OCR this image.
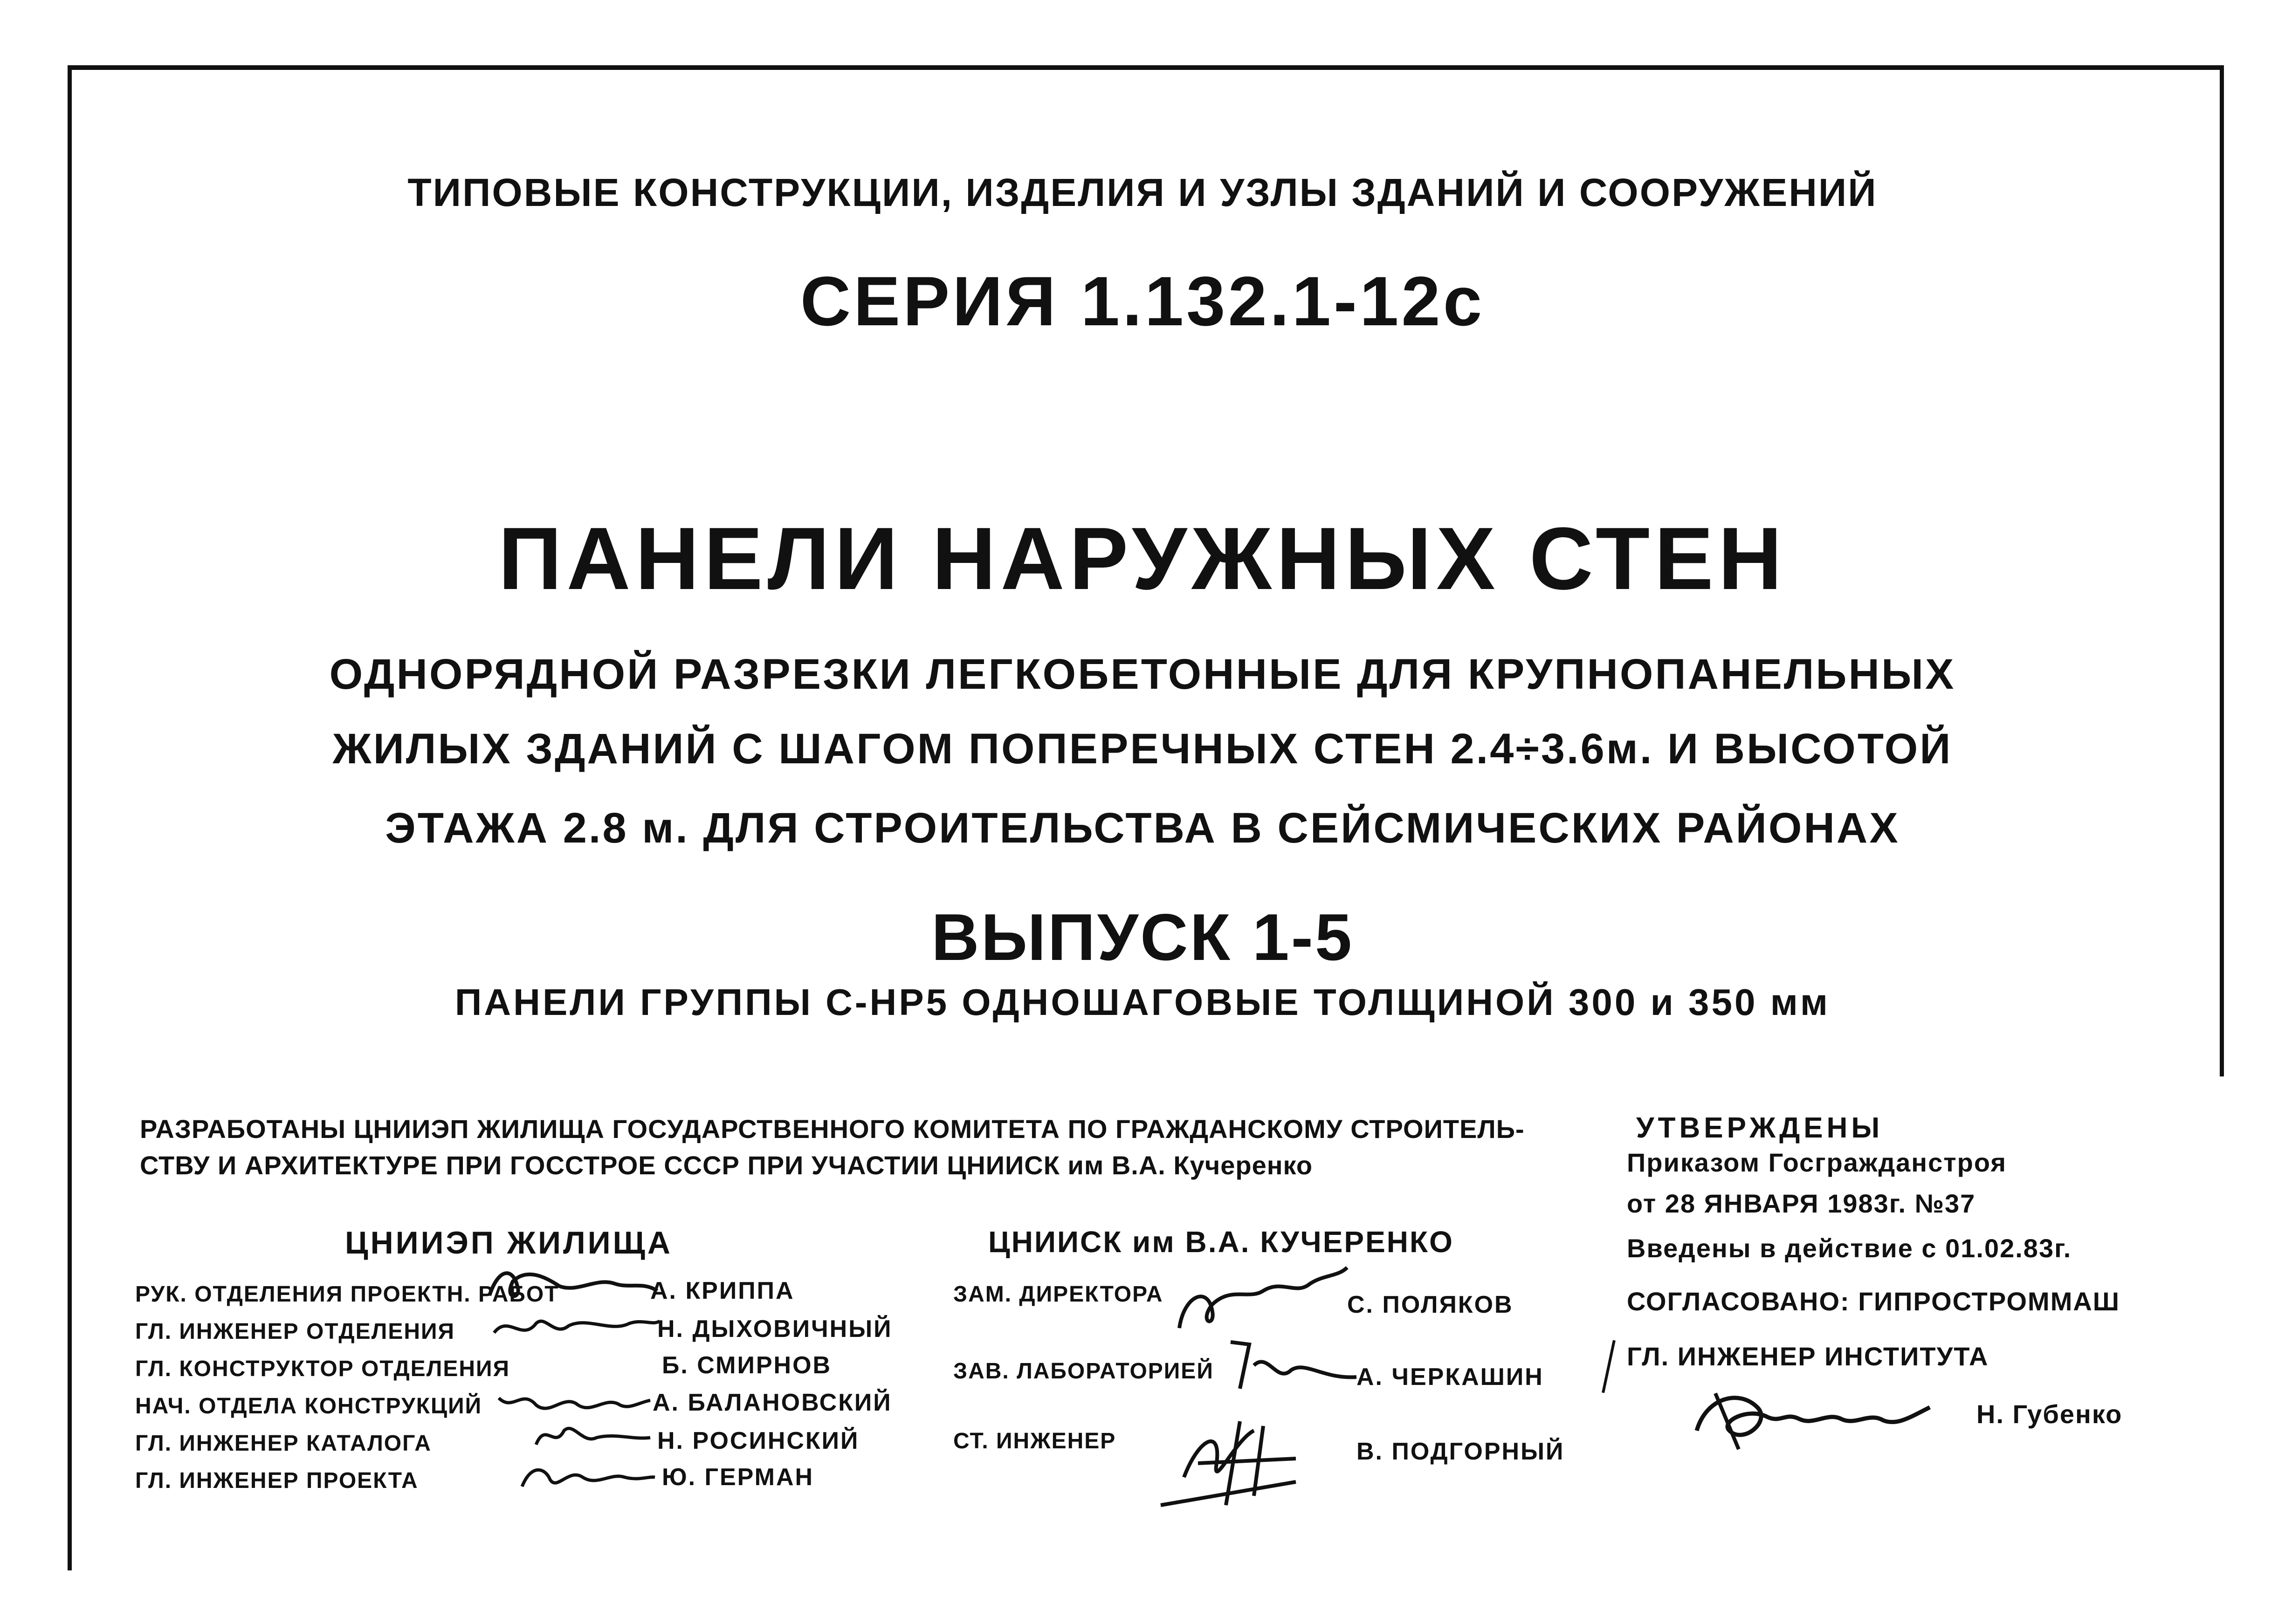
ТИПОВЫЕ КОНСТРУКЦИИ, ИЗДЕЛИЯ И УЗЛЫ ЗДАНИЙ И СООРУЖЕНИЙ
СЕРИЯ 1.132.1-12с
ПАНЕЛИ НАРУЖНЫХ СТЕН
ОДНОРЯДНОЙ РАЗРЕЗКИ ЛЕГКОБЕТОННЫЕ ДЛЯ КРУПНОПАНЕЛЬНЫХ
ЖИЛЫХ ЗДАНИЙ С ШАГОМ ПОПЕРЕЧНЫХ СТЕН 2.4÷3.6м. И ВЫСОТОЙ
ЭТАЖА 2.8 м. ДЛЯ СТРОИТЕЛЬСТВА В СЕЙСМИЧЕСКИХ РАЙОНАХ
ВЫПУСК 1-5
ПАНЕЛИ ГРУППЫ С-НР5 ОДНОШАГОВЫЕ ТОЛЩИНОЙ 300 и 350 мм
РАЗРАБОТАНЫ ЦНИИЭП ЖИЛИЩА ГОСУДАРСТВЕННОГО КОМИТЕТА ПО ГРАЖДАНСКОМУ СТРОИТЕЛЬ-
СТВУ И АРХИТЕКТУРЕ ПРИ ГОССТРОЕ СССР ПРИ УЧАСТИИ ЦНИИСК им В.А. Кучеренко
УТВЕРЖДЕНЫ
Приказом Госгражданстроя
от 28 ЯНВАРЯ 1983г. №37
Введены в действие с 01.02.83г.
СОГЛАСОВАНО: ГИПРОСТРОММАШ
ГЛ. ИНЖЕНЕР ИНСТИТУТА
Н. Губенко
ЦНИИЭП ЖИЛИЩА	ЦНИИСК им В.А. КУЧЕРЕНКО
РУК. ОТДЕЛЕНИЯ ПРОЕКТН. РАБОТ	А. КРИППА
ГЛ. ИНЖЕНЕР ОТДЕЛЕНИЯ	Н. ДЫХОВИЧНЫЙ
ГЛ. КОНСТРУКТОР ОТДЕЛЕНИЯ	Б. СМИРНОВ
НАЧ. ОТДЕЛА КОНСТРУКЦИЙ	А. БАЛАНОВСКИЙ
ГЛ. ИНЖЕНЕР КАТАЛОГА	Н. РОСИНСКИЙ
ГЛ. ИНЖЕНЕР ПРОЕКТА	Ю. ГЕРМАН
ЗАМ. ДИРЕКТОРА	С. ПОЛЯКОВ
ЗАВ. ЛАБОРАТОРИЕЙ	А. ЧЕРКАШИН
СТ. ИНЖЕНЕР	В. ПОДГОРНЫЙ
